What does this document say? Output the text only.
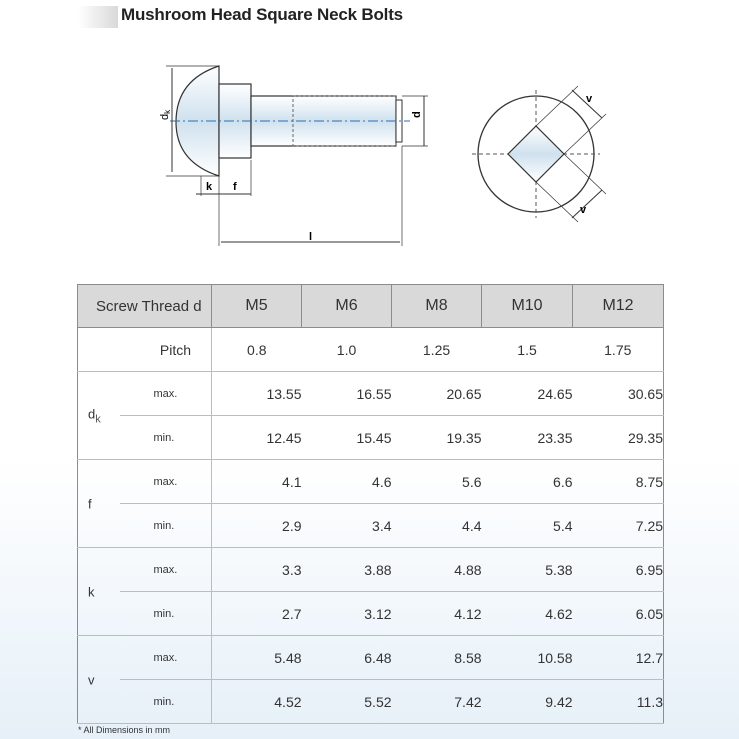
Mushroom Head Square Neck Bolts
dk	d
k f
l
v
v
Screw Thread d		M5	M6	M8	M10	M12
Pitch		0.8	1.0	1.25	1.5	1.75

$d_k$	max.	13.55	16.55	20.65	24.65	30.65
	min.	12.45	15.45	19.35	23.35	29.35

f	max.	4.1	4.6	5.6	6.6	8.75
	min.	2.9	3.4	4.4	5.4	7.25

k	max.	3.3	3.88	4.88	5.38	6.95
	min.	2.7	3.12	4.12	4.62	6.05

v	max.	5.48	6.48	8.58	10.58	12.7
	min.	4.52	5.52	7.42	9.42	11.3
* All Dimensions in mm
